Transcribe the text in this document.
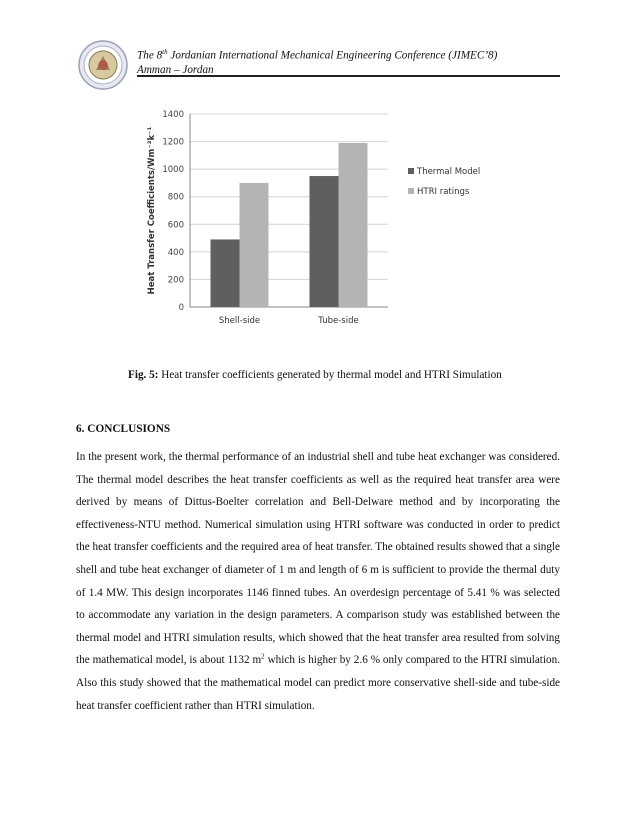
The 8th Jordanian International Mechanical Engineering Conference (JIMEC’8)
Amman – Jordan
0
200
400
600
800
1000
1200
1400
Shell-side	Tube-side
Heat Transfer Coefficients/Wm⁻²k⁻¹	Thermal Model
HTRI ratings
Fig. 5: Heat transfer coefficients generated by thermal model and HTRI Simulation
6. CONCLUSIONS

In the present work, the thermal performance of an industrial shell and tube heat exchanger was considered. The thermal model describes the heat transfer coefficients as well as the required heat transfer area were derived by means of Dittus-Boelter correlation and Bell-Delware method and by incorporating the effectiveness-NTU method. Numerical simulation using HTRI software was conducted in order to predict the heat transfer coefficients and the required area of heat transfer. The obtained results showed that a single shell and tube heat exchanger of diameter of 1 m and length of 6 m is sufficient to provide the thermal duty of 1.4 MW. This design incorporates 1146 finned tubes. An overdesign percentage of 5.41 % was selected to accommodate any variation in the design parameters. A comparison study was established between the thermal model and HTRI simulation results, which showed that the heat transfer area resulted from solving the mathematical model, is about 1132 $m^2$ which is higher by 2.6 % only compared to the HTRI simulation. Also this study showed that the mathematical model can predict more conservative shell-side and tube-side heat transfer coefficient rather than HTRI simulation.
